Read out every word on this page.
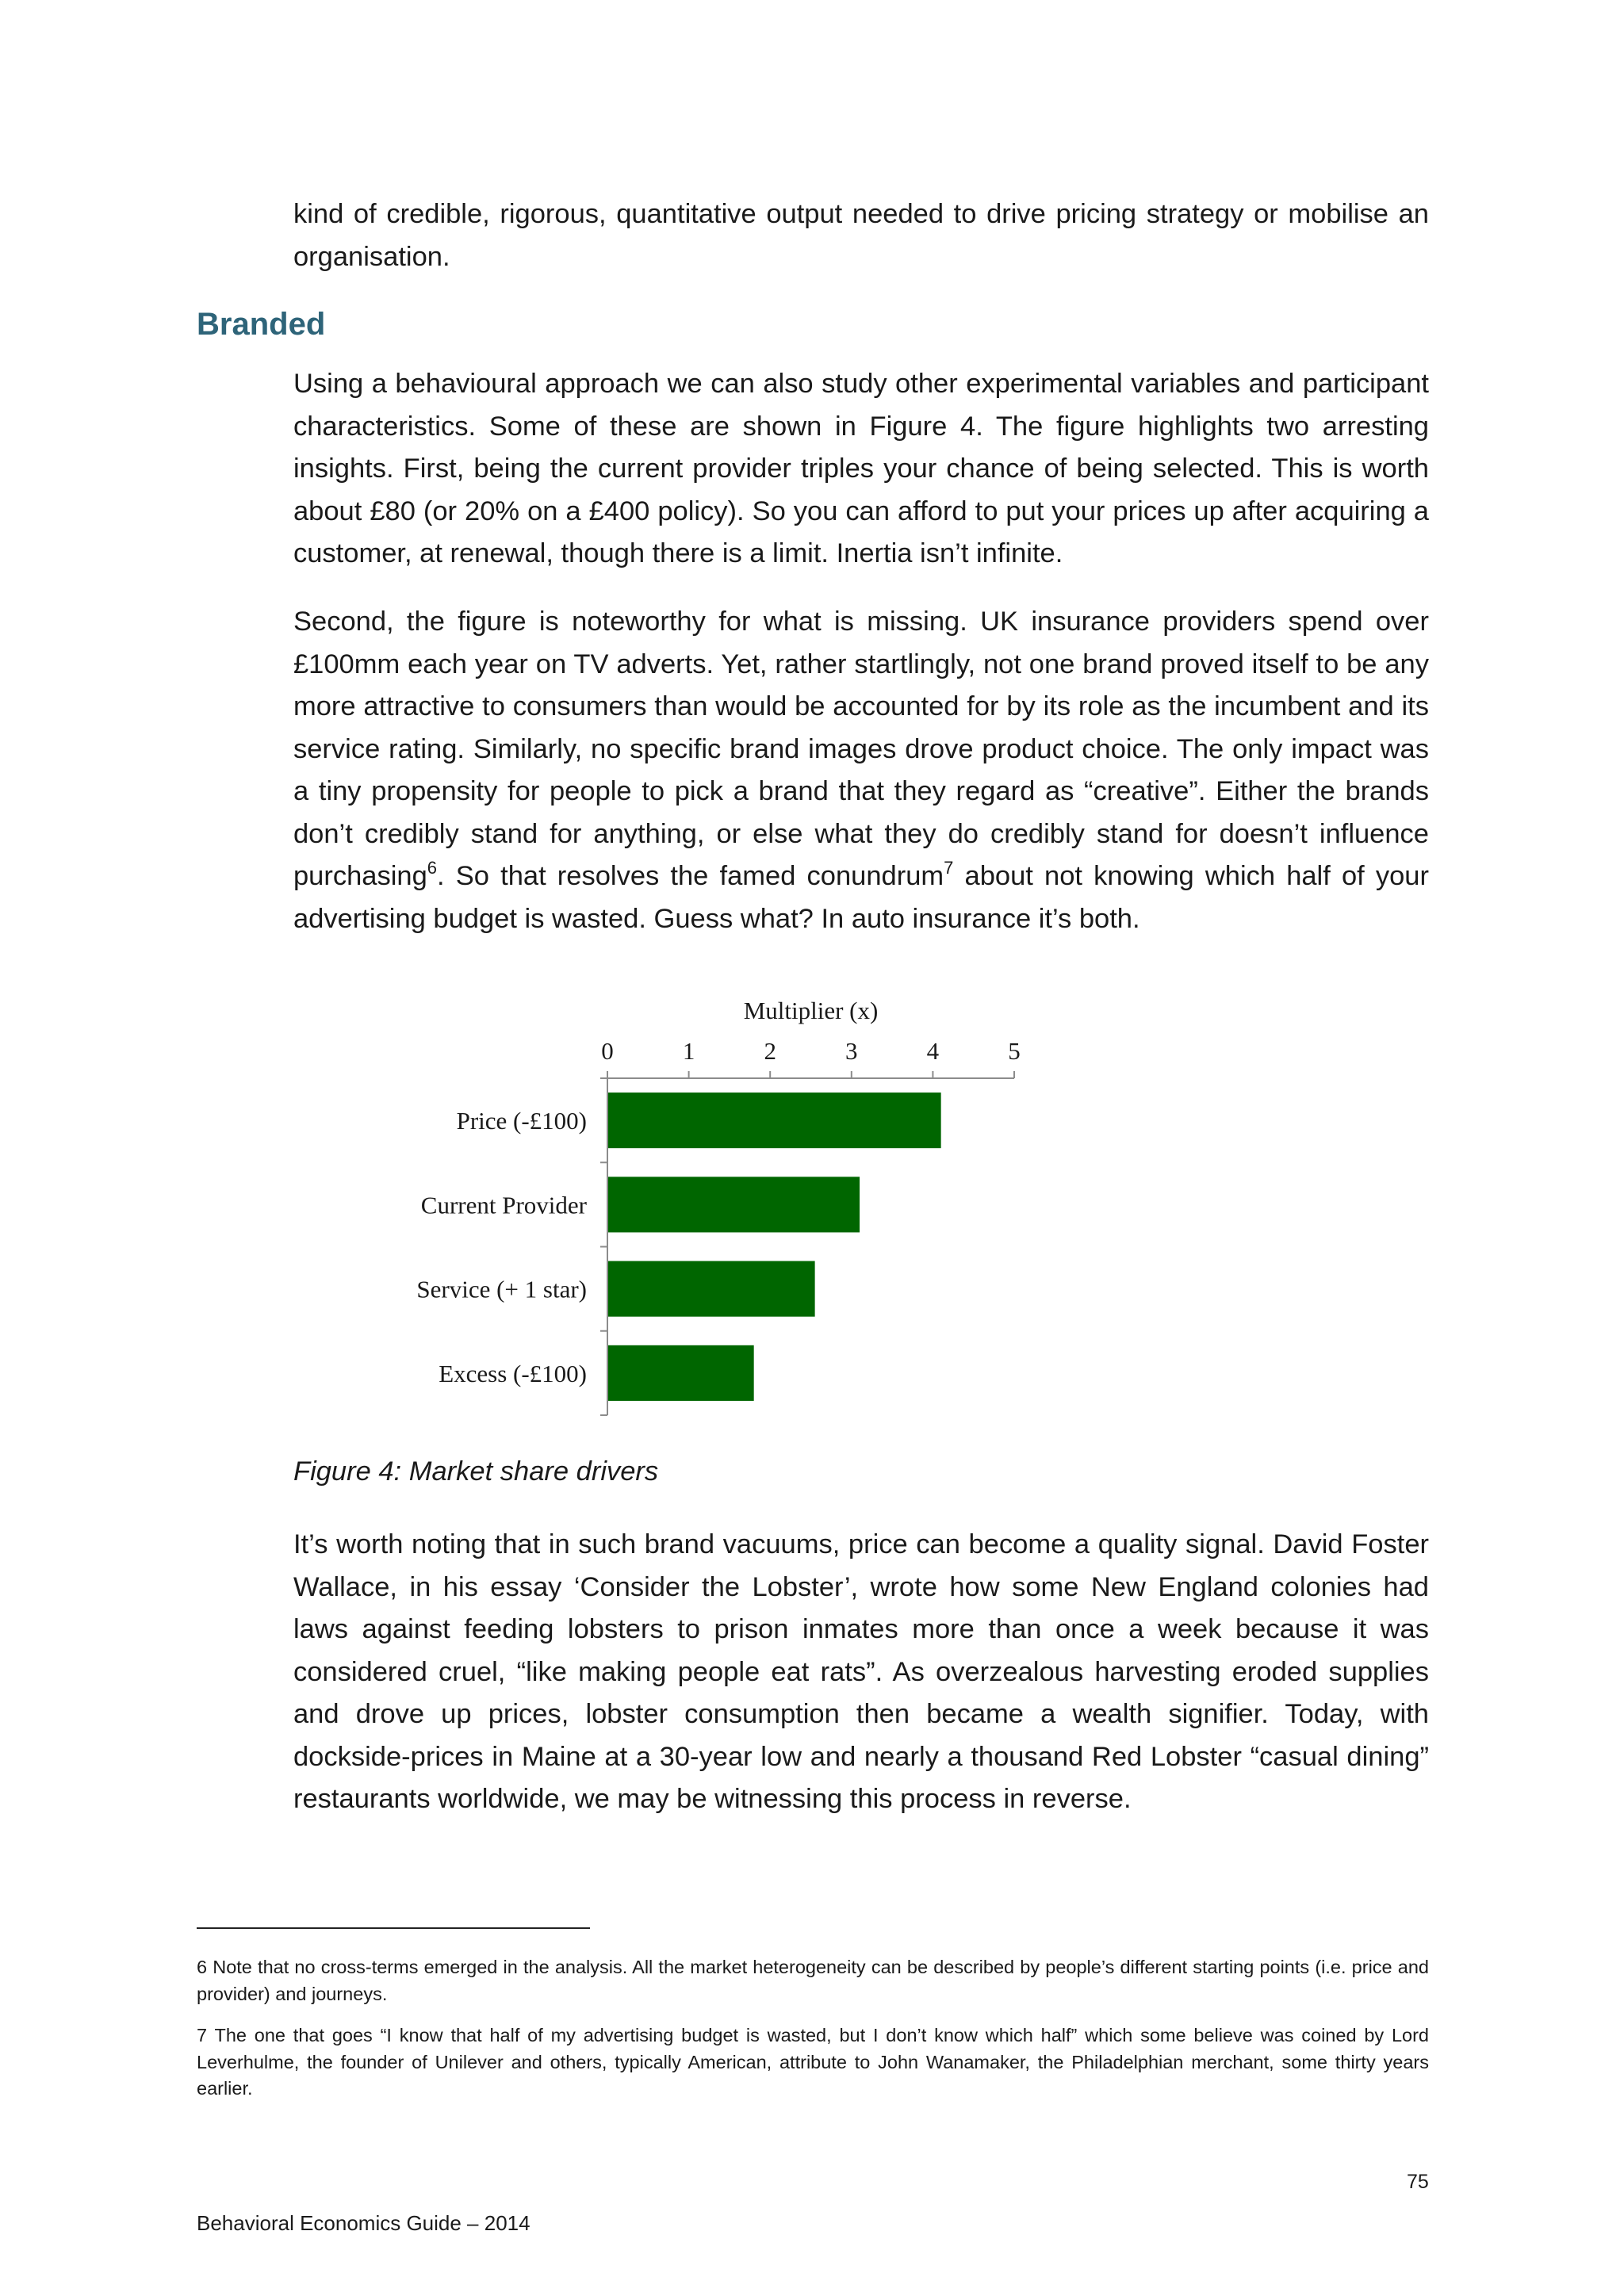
kind of credible, rigorous, quantitative output needed to drive pricing strategy or mobilise an organisation.

Branded

Using a behavioural approach we can also study other experimental variables and participant characteristics. Some of these are shown in Figure 4. The figure highlights two arresting insights. First, being the current provider triples your chance of being selected. This is worth about £80 (or 20% on a £400 policy). So you can afford to put your prices up after acquiring a customer, at renewal, though there is a limit. Inertia isn’t infinite.

Second, the figure is noteworthy for what is missing. UK insurance providers spend over £100mm each year on TV adverts. Yet, rather startlingly, not one brand proved itself to be any more attractive to consumers than would be accounted for by its role as the incumbent and its service rating. Similarly, no specific brand images drove product choice. The only impact was a tiny propensity for people to pick a brand that they regard as “creative”. Either the brands don’t credibly stand for anything, or else what they do credibly stand for doesn’t influence purchasing$^6$. So that resolves the famed conundrum$^7$ about not knowing which half of your advertising budget is wasted. Guess what? In auto insurance it’s both.

Multiplier (x)
0	1	2	3	4	5
Price (-£100)
Current Provider
Service (+ 1 star)
Excess (-£100)

Figure 4: Market share drivers

It’s worth noting that in such brand vacuums, price can become a quality signal. David Foster Wallace, in his essay ‘Consider the Lobster’, wrote how some New England colonies had laws against feeding lobsters to prison inmates more than once a week because it was considered cruel, “like making people eat rats”. As overzealous harvesting eroded supplies and drove up prices, lobster consumption then became a wealth signifier. Today, with dockside-prices in Maine at a 30-year low and nearly a thousand Red Lobster “casual dining” restaurants worldwide, we may be witnessing this process in reverse.

6 Note that no cross-terms emerged in the analysis. All the market heterogeneity can be described by people’s different starting points (i.e. price and provider) and journeys.

7 The one that goes “I know that half of my advertising budget is wasted, but I don’t know which half” which some believe was coined by Lord Leverhulme, the founder of Unilever and others, typically American, attribute to John Wanamaker, the Philadelphian merchant, some thirty years earlier.

75
Behavioral Economics Guide – 2014
